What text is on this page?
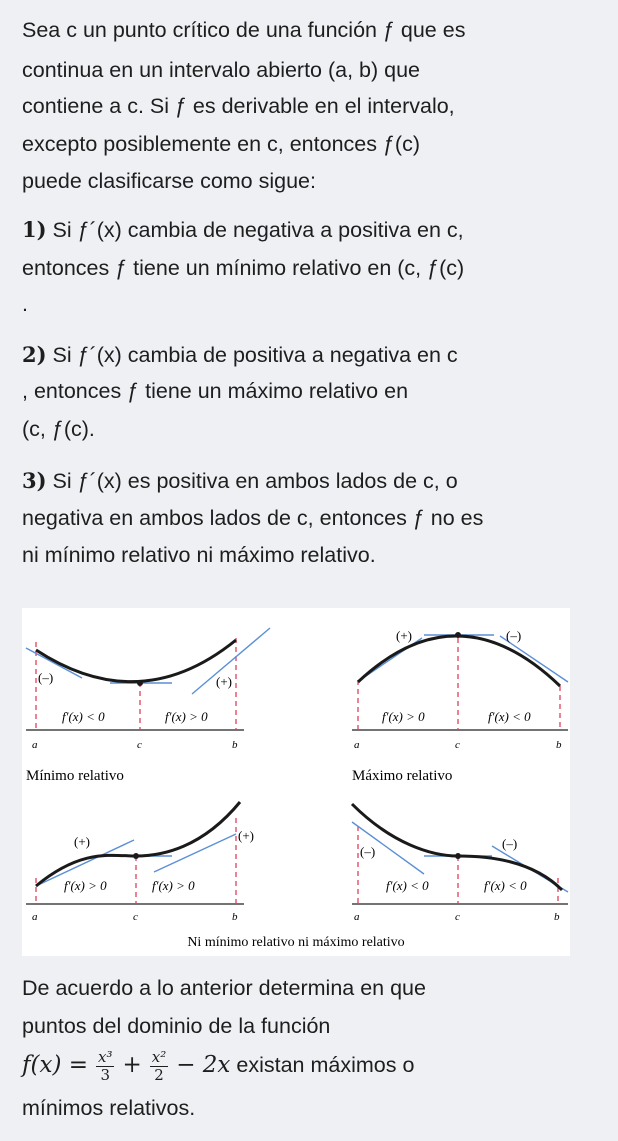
Sea c un punto crítico de una función ƒ que es

continua en un intervalo abierto (a, b) que

contiene a c. Si ƒ es derivable en el intervalo,

excepto posiblemente en c, entonces ƒ(c)

puede clasificarse como sigue:

1) Si ƒ´(x) cambia de negativa a positiva en c,

entonces ƒ tiene un mínimo relativo en (c, ƒ(c)

.

2) Si ƒ´(x) cambia de positiva a negativa en c

, entonces ƒ tiene un máximo relativo en

(c, ƒ(c).

3) Si ƒ´(x) es positiva en ambos lados de c, o

negativa en ambos lados de c, entonces ƒ no es

ni mínimo relativo ni máximo relativo.

(–)	(+)
f′(x) < 0	f′(x) > 0
a	c	b
Mínimo relativo
(+)	(–)
f′(x) > 0	f′(x) < 0
a	c	b
Máximo relativo
(+)	(+)
f′(x) > 0	f′(x) > 0
a	c	b
(–)
(–)
f′(x) < 0	f′(x) < 0
a	c	b
Ni mínimo relativo ni máximo relativo

De acuerdo a lo anterior determina en que

puntos del dominio de la función

$f(x) = \frac{\text{x³}}{3} + \frac{\text{x²}}{2} - 2x$ existan máximos o

mínimos relativos.
